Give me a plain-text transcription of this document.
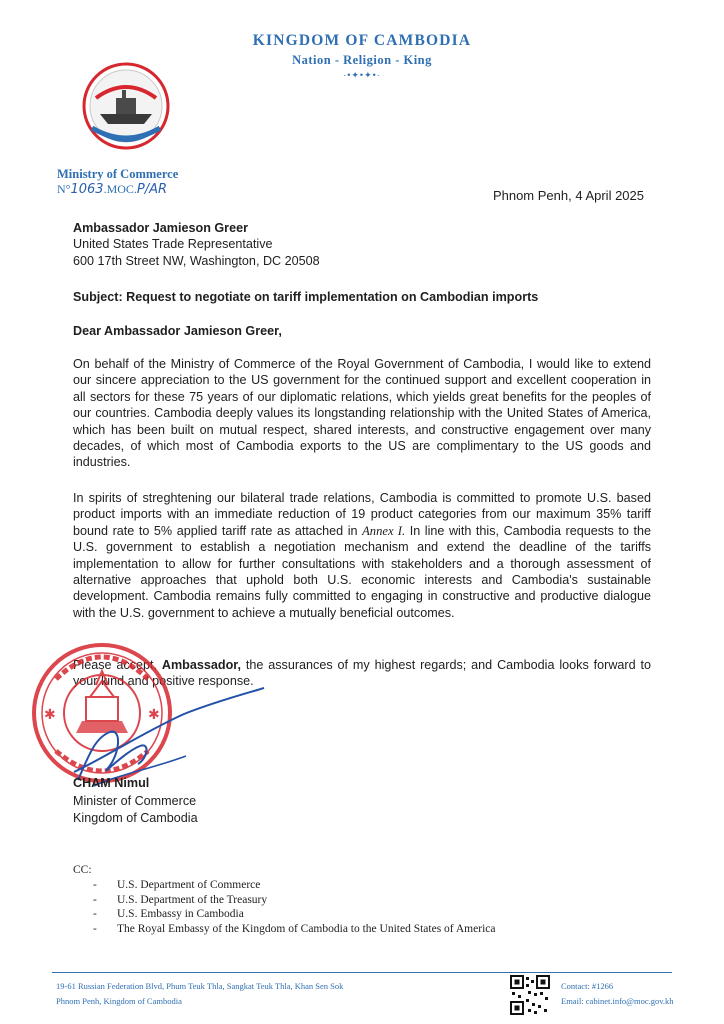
KINGDOM OF CAMBODIA
Nation - Religion - King
·•✦•✦•·
Ministry of Commerce
N°1063.MOC.P/AR	Phnom Penh, 4 April 2025
Ambassador Jamieson Greer
United States Trade Representative
600 17th Street NW, Washington, DC 20508
Subject: Request to negotiate on tariff implementation on Cambodian imports
Dear Ambassador Jamieson Greer,
On behalf of the Ministry of Commerce of the Royal Government of Cambodia, I would like to extend our sincere appreciation to the US government for the continued support and excellent cooperation in all sectors for these 75 years of our diplomatic relations, which yields great benefits for the peoples of our countries. Cambodia deeply values its longstanding relationship with the United States of America, which has been built on mutual respect, shared interests, and constructive engagement over many decades, of which most of Cambodia exports to the US are complimentary to the US goods and industries.
In spirits of streghtening our bilateral trade relations, Cambodia is committed to promote U.S. based product imports with an immediate reduction of 19 product categories from our maximum 35% tariff bound rate to 5% applied tariff rate as attached in Annex I. In line with this, Cambodia requests to the U.S. government to establish a negotiation mechanism and extend the deadline of the tariffs implementation to allow for further consultations with stakeholders and a thorough assessment of alternative approaches that uphold both U.S. economic interests and Cambodia's sustainable development. Cambodia remains fully committed to engaging in constructive and productive dialogue with the U.S. government to achieve a mutually beneficial outcomes.
Please accept, Ambassador, the assurances of my highest regards; and Cambodia looks forward to your kind and positive response.
✱	✱
CHAM Nimul
Minister of Commerce
Kingdom of Cambodia
CC:
- U.S. Department of Commerce
- U.S. Department of the Treasury
- U.S. Embassy in Cambodia
- The Royal Embassy of the Kingdom of Cambodia to the United States of America
19-61 Russian Federation Blvd, Phum Teuk Thla, Sangkat Teuk Thla, Khan Sen Sok
Phnom Penh, Kingdom of Cambodia
Contact: #1266
Email: cabinet.info@moc.gov.kh
